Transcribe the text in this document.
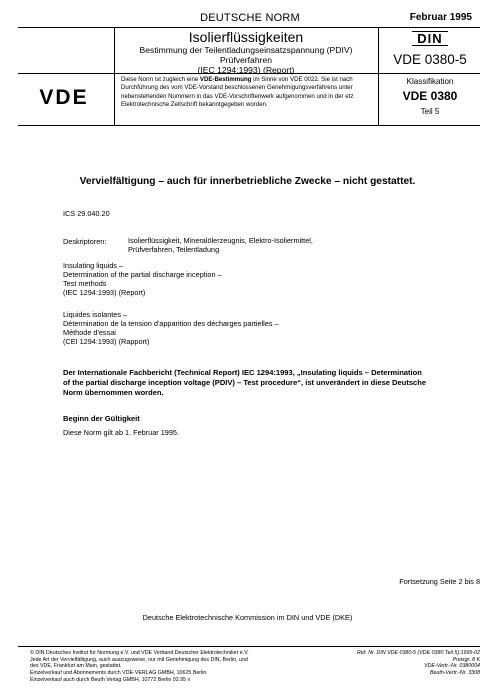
DEUTSCHE NORM	Februar 1995
Isolierflüssigkeiten
Bestimmung der Teilentladungseinsatzspannung (PDIV)
Prüfverfahren
(IEC 1294:1993) (Report)
DIN
VDE 0380-5
VDE
Diese Norm ist zugleich eine VDE-Bestimmung im Sinne von VDE 0022. Sie ist nach Durchführung des vom VDE-Vorstand beschlossenen Genehmigungsverfahrens unter nebenstehenden Nummern in das VDE-Vorschriftenwerk aufgenommen und in der etz Elektrotechnische Zeitschrift bekanntgegeben worden.
Klassifikation
VDE 0380
Teil 5
Vervielfältigung – auch für innerbetriebliche Zwecke – nicht gestattet.
ICS 29.040.20
Deskriptoren:	Isolierflüssigkeit, Mineralölerzeugnis, Elektro-Isoliermittel,
Prüfverfahren, Teilentladung
Insulating liquids –
Determination of the partial discharge inception –
Test methods
(IEC 1294:1993) (Report)
Liquides isolantes –
Détermination de la tension d'apparition des décharges partielles –
Méthode d'essai
(CEI 1294:1993) (Rapport)
Der Internationale Fachbericht (Technical Report) IEC 1294:1993, „Insulating liquids – Determination
of the partial discharge inception voltage (PDIV) – Test procedure“, ist unverändert in diese Deutsche
Norm übernommen worden.
Beginn der Gültigkeit
Diese Norm gilt ab 1. Februar 1995.
Fortsetzung Seite 2 bis 8
Deutsche Elektrotechnische Kommission im DIN und VDE (DKE)
© DIN Deutsches Institut für Normung e.V. und VDE Verband Deutscher Elektrotechniker e.V.
Jede Art der Vervielfältigung, auch auszugsweise, nur mit Genehmigung des DIN, Berlin, und
des VDE, Frankfurt am Main, gestattet.
Einzelverkauf und Abonnements durch VDE-VERLAG GMBH, 10625 Berlin
Einzelverkauf auch durch Beuth Verlag GMBH, 10772 Berlin 02.95 v
Ref. Nr. DIN VDE 0380-5 (VDE 0380 Teil 5):1995-02
Preisgr. 8 K
VDE-Vertr.-Nr. 0380004
Beuth-Vertr.-Nr. 3308
